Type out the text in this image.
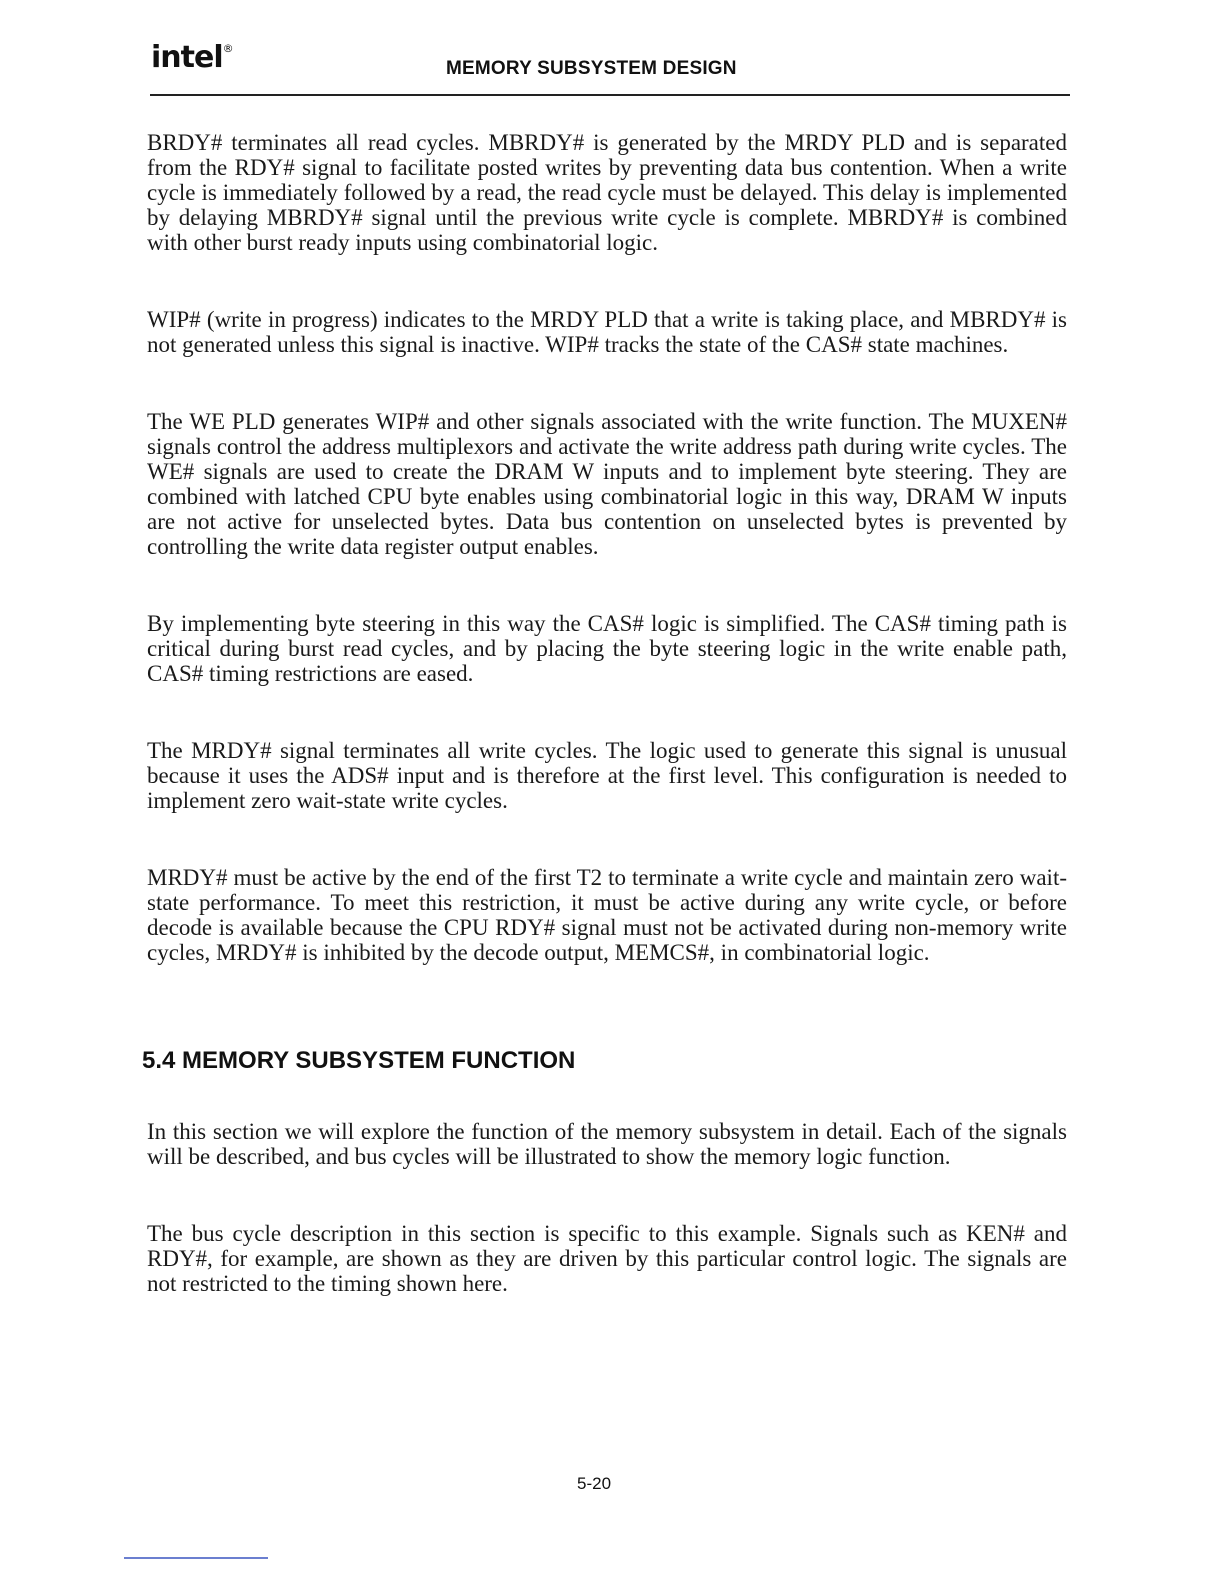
intel®
MEMORY SUBSYSTEM DESIGN

BRDY# terminates all read cycles. MBRDY# is generated by the MRDY PLD and is separated from the RDY# signal to facilitate posted writes by preventing data bus contention. When a write cycle is immediately followed by a read, the read cycle must be delayed. This delay is implemented by delaying MBRDY# signal until the previous write cycle is complete. MBRDY# is combined with other burst ready inputs using combinatorial logic.

WIP# (write in progress) indicates to the MRDY PLD that a write is taking place, and MBRDY# is not generated unless this signal is inactive. WIP# tracks the state of the CAS# state machines.

The WE PLD generates WIP# and other signals associated with the write function. The MUXEN# signals control the address multiplexors and activate the write address path during write cycles. The WE# signals are used to create the DRAM W inputs and to implement byte steering. They are combined with latched CPU byte enables using combinatorial logic in this way, DRAM W inputs are not active for unselected bytes. Data bus contention on unselected bytes is prevented by controlling the write data register output enables.

By implementing byte steering in this way the CAS# logic is simplified. The CAS# timing path is critical during burst read cycles, and by placing the byte steering logic in the write enable path, CAS# timing restrictions are eased.

The MRDY# signal terminates all write cycles. The logic used to generate this signal is unusual because it uses the ADS# input and is therefore at the first level. This configuration is needed to implement zero wait-state write cycles.

MRDY# must be active by the end of the first T2 to terminate a write cycle and maintain zero wait-state performance. To meet this restriction, it must be active during any write cycle, or before decode is available because the CPU RDY# signal must not be activated during non-memory write cycles, MRDY# is inhibited by the decode output, MEMCS#, in combinatorial logic.

5.4 MEMORY SUBSYSTEM FUNCTION

In this section we will explore the function of the memory subsystem in detail. Each of the signals will be described, and bus cycles will be illustrated to show the memory logic function.

The bus cycle description in this section is specific to this example. Signals such as KEN# and RDY#, for example, are shown as they are driven by this particular control logic. The signals are not restricted to the timing shown here.

5-20
